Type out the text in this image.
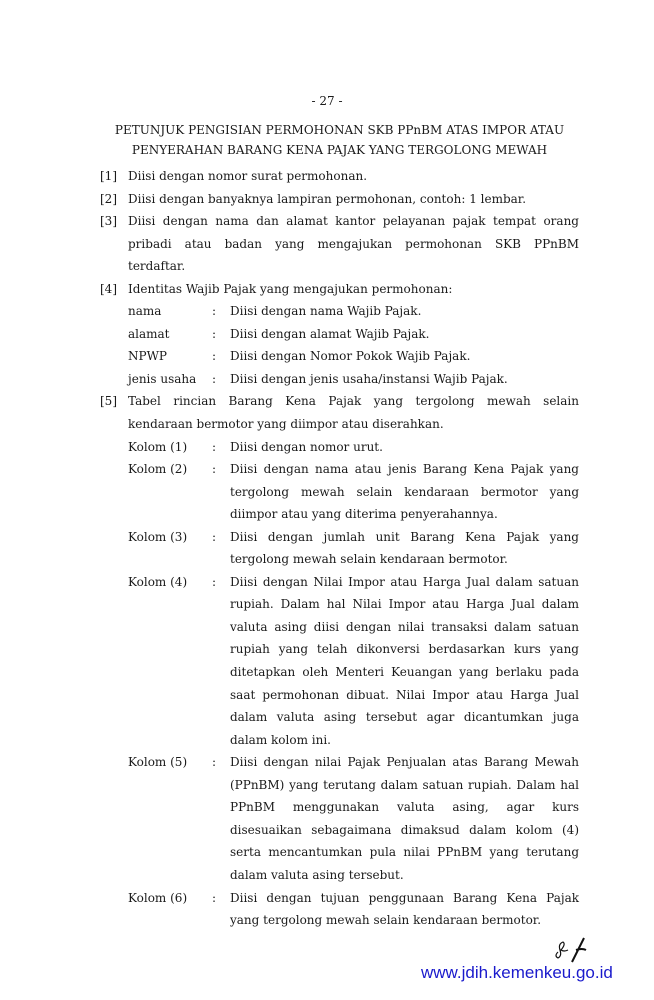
- 27 -
PETUNJUK PENGISIAN PERMOHONAN SKB PPnBM ATAS IMPOR ATAU
PENYERAHAN BARANG KENA PAJAK YANG TERGOLONG MEWAH
[1] Diisi dengan nomor surat permohonan.
[2] Diisi dengan banyaknya lampiran permohonan, contoh: 1 lembar.
[3] Diisi dengan nama dan alamat kantor pelayanan pajak tempat orang
pribadi atau badan yang mengajukan permohonan SKB PPnBM
terdaftar.
[4] Identitas Wajib Pajak yang mengajukan permohonan:
nama	: Diisi dengan nama Wajib Pajak.
alamat	: Diisi dengan alamat Wajib Pajak.
NPWP	: Diisi dengan Nomor Pokok Wajib Pajak.
jenis usaha : Diisi dengan jenis usaha/instansi Wajib Pajak.
[5] Tabel rincian Barang Kena Pajak yang tergolong mewah selain
kendaraan bermotor yang diimpor atau diserahkan.
Kolom (1) : Diisi dengan nomor urut.
Kolom (2) : Diisi dengan nama atau jenis Barang Kena Pajak yang
tergolong mewah selain kendaraan bermotor yang
diimpor atau yang diterima penyerahannya.
Kolom (3) : Diisi dengan jumlah unit Barang Kena Pajak yang
tergolong mewah selain kendaraan bermotor.
Kolom (4) : Diisi dengan Nilai Impor atau Harga Jual dalam satuan
rupiah. Dalam hal Nilai Impor atau Harga Jual dalam
valuta asing diisi dengan nilai transaksi dalam satuan
rupiah yang telah dikonversi berdasarkan kurs yang
ditetapkan oleh Menteri Keuangan yang berlaku pada
saat permohonan dibuat. Nilai Impor atau Harga Jual
dalam valuta asing tersebut agar dicantumkan juga
dalam kolom ini.
Kolom (5) : Diisi dengan nilai Pajak Penjualan atas Barang Mewah
(PPnBM) yang terutang dalam satuan rupiah. Dalam hal
PPnBM menggunakan valuta asing, agar kurs
disesuaikan sebagaimana dimaksud dalam kolom (4)
serta mencantumkan pula nilai PPnBM yang terutang
dalam valuta asing tersebut.
Kolom (6) : Diisi dengan tujuan penggunaan Barang Kena Pajak
yang tergolong mewah selain kendaraan bermotor.
www.jdih.kemenkeu.go.id
